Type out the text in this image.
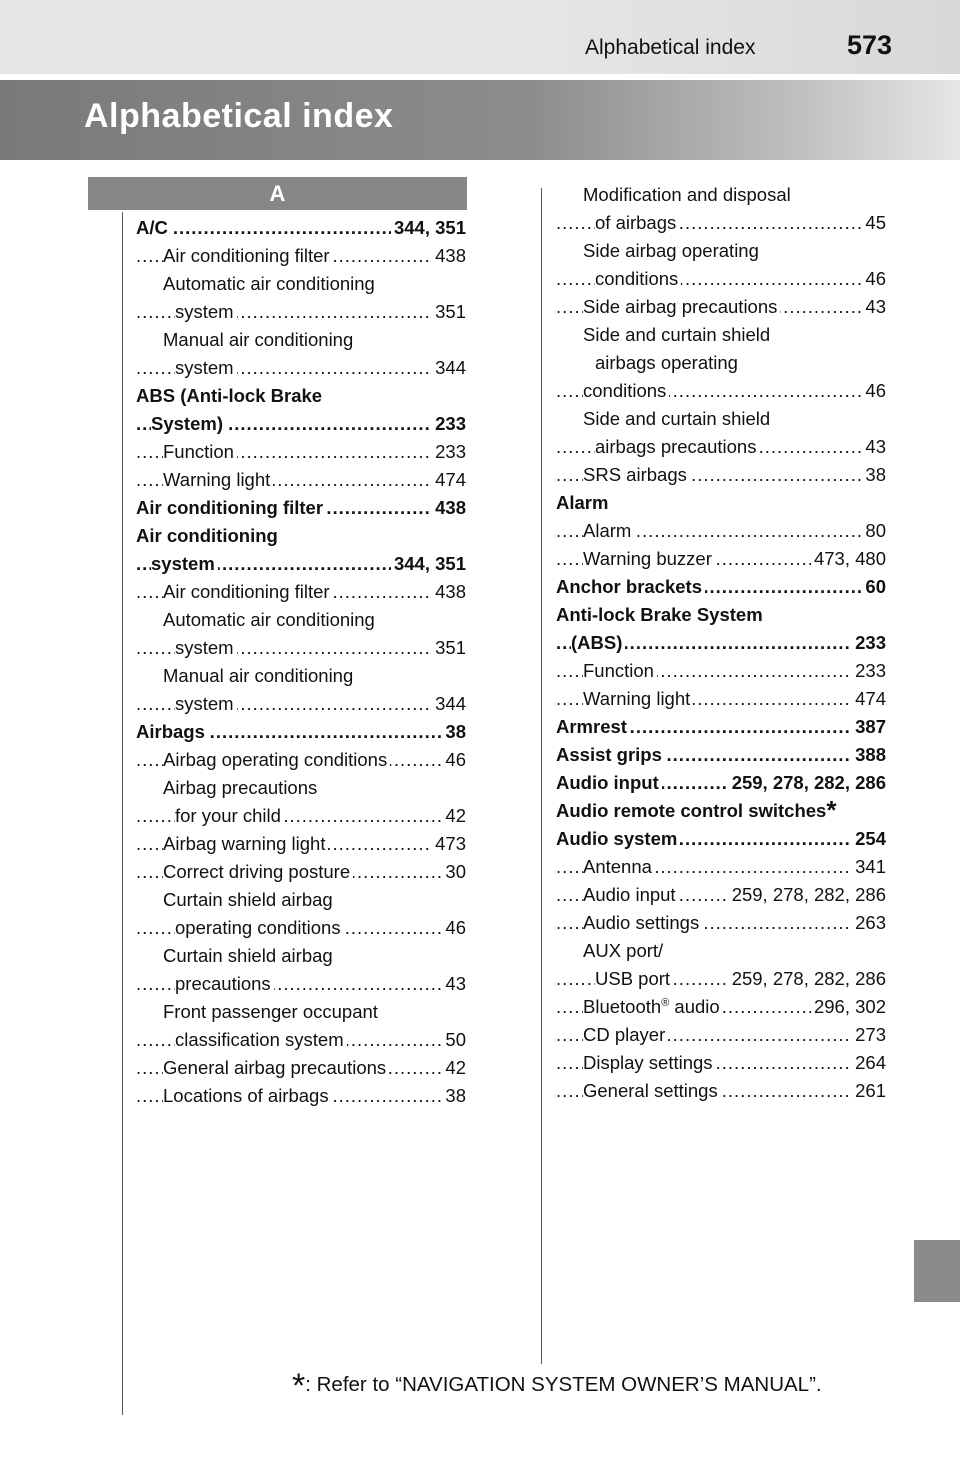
Alphabetical index	573
Alphabetical index
A
A/C	344, 351
.....
Air conditioning filter	438
.....
Automatic air conditioning
system	351
.....
Manual air conditioning
system	344
.....
ABS (Anti-lock Brake
System)	233
.....
Function	233
.....
Warning light	474
.....
Air conditioning filter	438
.....
Air conditioning
system	344, 351
.....
Air conditioning filter	438
.....
Automatic air conditioning
system	351
.....
Manual air conditioning
system	344
.....
Airbags	38
.....
Airbag operating conditions	46
.....
Airbag precautions
for your child	42
.....
Airbag warning light	473
.....
Correct driving posture	30
.....
Curtain shield airbag
operating conditions	46
.....
Curtain shield airbag
precautions	43
.....
Front passenger occupant
classification system	50
.....
General airbag precautions	42
.....
Locations of airbags	38
.....
Modification and disposal
of airbags	45
.....
Side airbag operating
conditions	46
.....
Side airbag precautions	43
.....
Side and curtain shield
airbags operating
conditions	46
.....
Side and curtain shield
airbags precautions	43
.....
SRS airbags	38
.....
Alarm
Alarm	80
.....
Warning buzzer	473, 480
.....
Anchor brackets	60
.....
Anti-lock Brake System
(ABS)	233
.....
Function	233
.....
Warning light	474
.....
Armrest	387
.....
Assist grips	388
.....
Audio input	259, 278, 282, 286
.....
Audio remote control switches*
Audio system	254
.....
Antenna	341
.....
Audio input	259, 278, 282, 286
.....
Audio settings	263
.....
AUX port/
USB port	259, 278, 282, 286
.....
Bluetooth® audio	296, 302
.....
CD player	273
.....
Display settings	264
.....
General settings	261
.....
*: Refer to “NAVIGATION SYSTEM OWNER’S MANUAL”.
